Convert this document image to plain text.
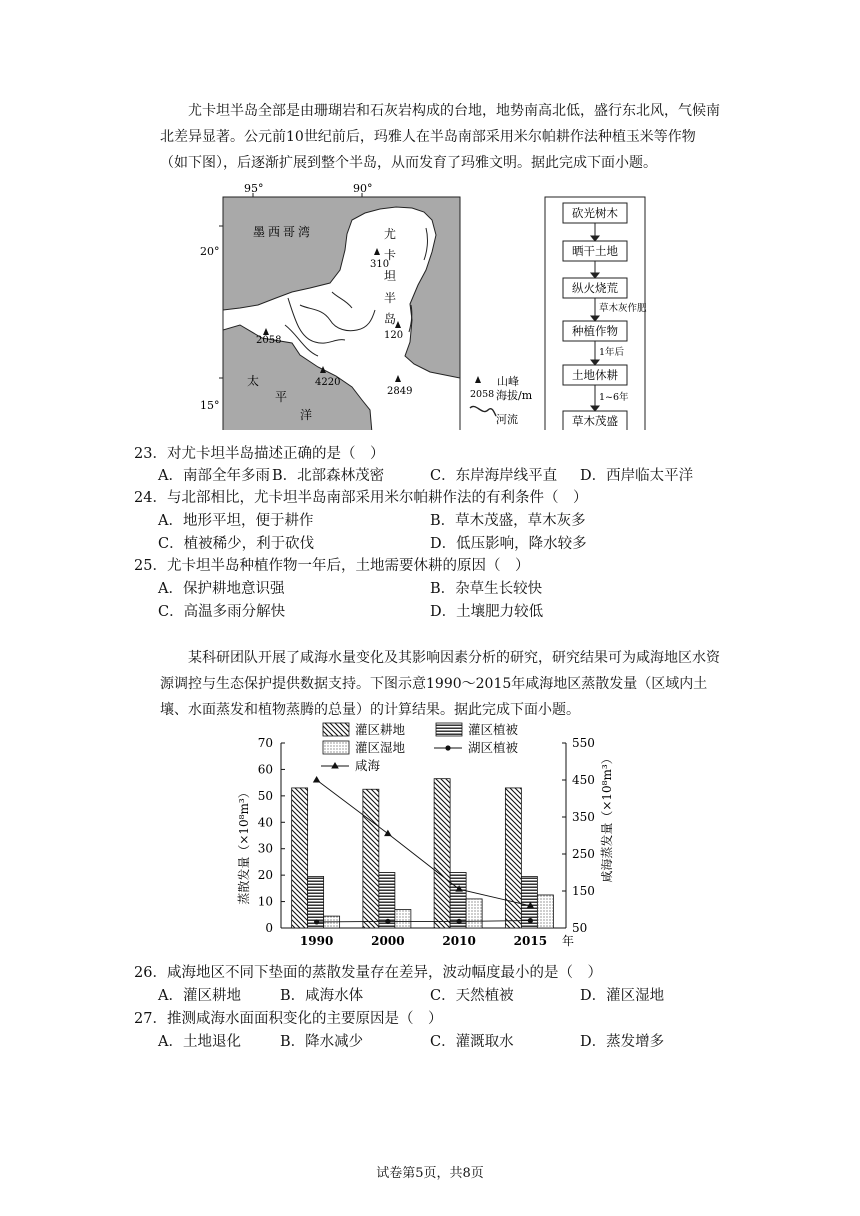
尤卡坦半岛全部是由珊瑚岩和石灰岩构成的台地，地势南高北低，盛行东北风，气候南北差异显著。公元前10世纪前后，玛雅人在半岛南部采用米尔帕耕作法种植玉米等作物（如下图），后逐渐扩展到整个半岛，从而发育了玛雅文明。据此完成下面小题。

95°	90°
20°
15°
墨西哥湾	尤
卡
坦
半
岛
太
平
洋
310
120
2058
4220
2849	2058
山峰
海拔/m
河流
砍光树木
晒干土地
纵火烧荒
种植作物
土地休耕
草木茂盛
草木灰作肥
1年后
1~6年
23．对尤卡坦半岛描述正确的是（　）
A．南部全年多雨 B．北部森林茂密	C．东岸海岸线平直 D．西岸临太平洋
24．与北部相比，尤卡坦半岛南部采用米尔帕耕作法的有利条件（　）
A．地形平坦，便于耕作	B．草木茂盛，草木灰多
C．植被稀少，利于砍伐	D．低压影响，降水较多
25．尤卡坦半岛种植作物一年后，土地需要休耕的原因（　）
A．保护耕地意识强	B．杂草生长较快
C．高温多雨分解快	D．土壤肥力较低

某科研团队开展了咸海水量变化及其影响因素分析的研究，研究结果可为咸海地区水资源调控与生态保护提供数据支持。下图示意1990～2015年咸海地区蒸散发量（区域内土壤、水面蒸发和植物蒸腾的总量）的计算结果。据此完成下面小题。

0
10
20
30
40
50
60
70
50
150
250
350
450
550
1990	2000	2010	2015 年
蒸散发量（×10⁸m³）	咸海蒸发量（×10⁸m³）
灌区耕地	灌区植被
灌区湿地	湖区植被
咸海
26．咸海地区不同下垫面的蒸散发量存在差异，波动幅度最小的是（　）
A．灌区耕地	B．咸海水体	C．天然植被	D．灌区湿地
27．推测咸海水面面积变化的主要原因是（　）
A．土地退化	B．降水减少	C．灌溉取水	D．蒸发增多
试卷第5页，共8页
